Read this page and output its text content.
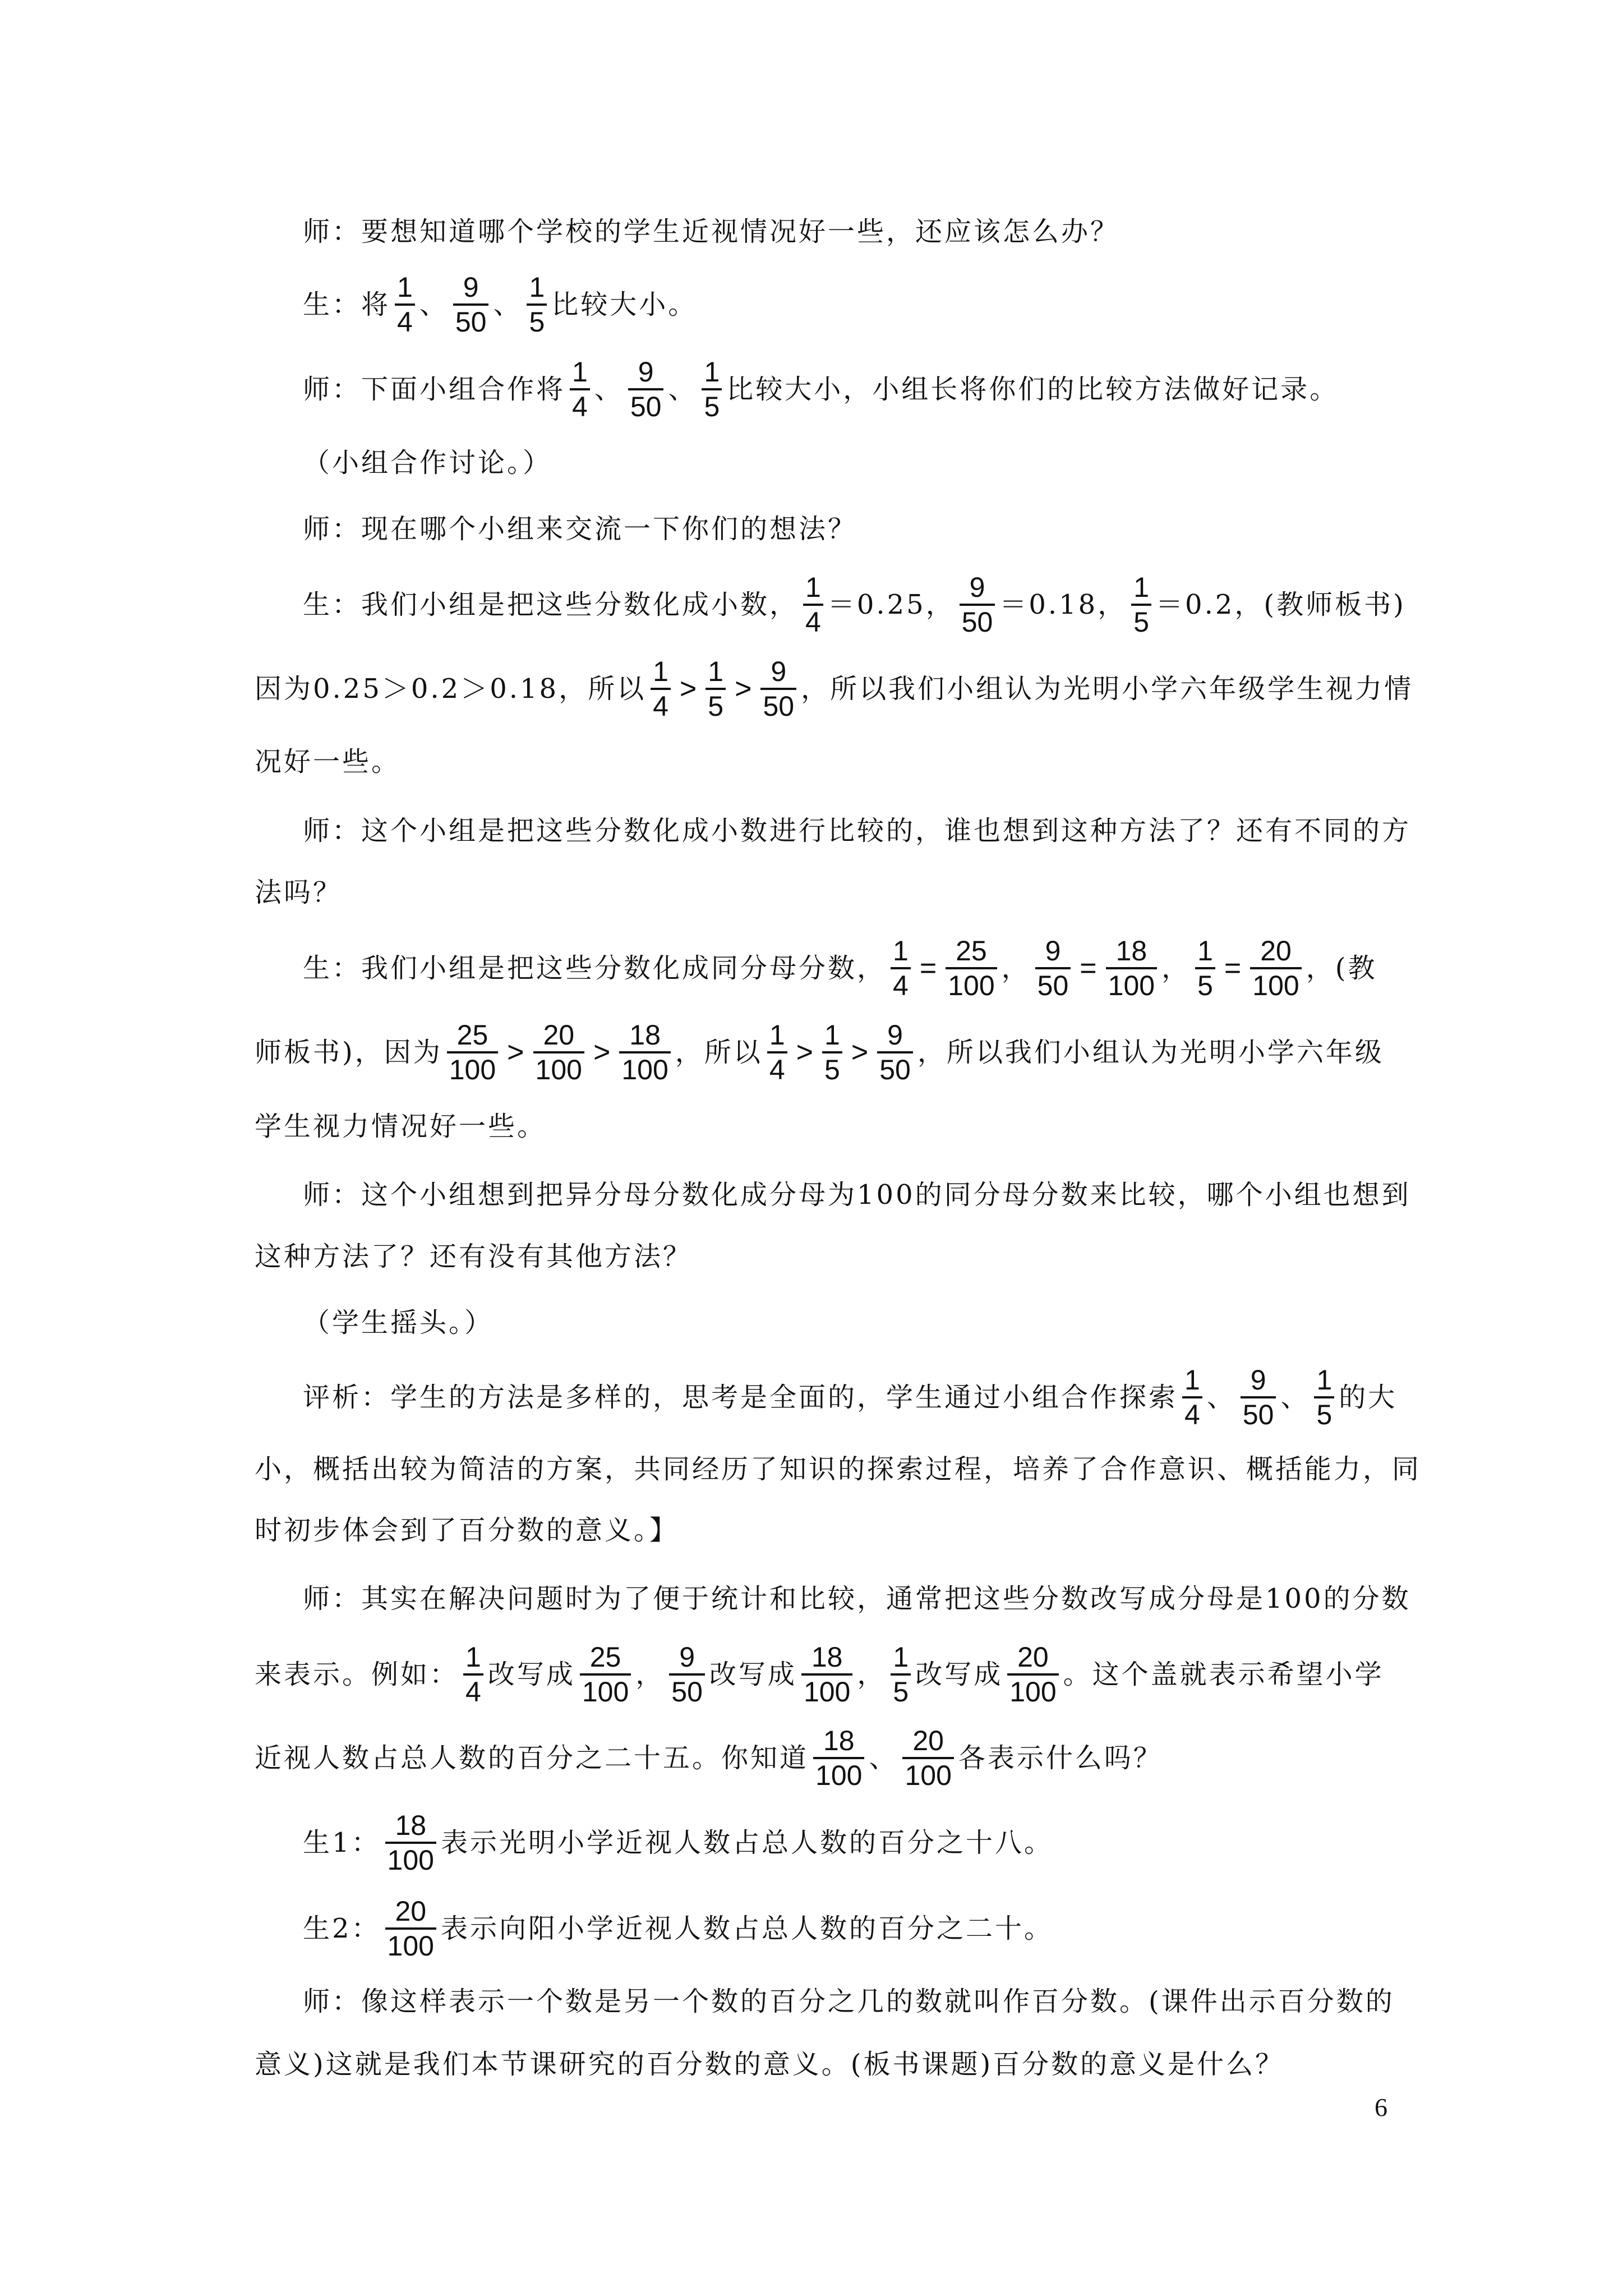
师：要想知道哪个学校的学生近视情况好一些，还应该怎么办？
生：将 $\frac{1}{4}$ 、 $\frac{9}{50}$ 、 $\frac{1}{5}$ 比较大小。
师：下面小组合作将 $\frac{1}{4}$ 、 $\frac{9}{50}$ 、 $\frac{1}{5}$ 比较大小，小组长将你们的比较方法做好记录。
（小组合作讨论。）
师：现在哪个小组来交流一下你们的想法？
生：我们小组是把这些分数化成小数， $\frac{1}{4} =0.25$， $\frac{9}{50} =0.18$， $\frac{1}{5} =0.2$，(教师板书)
因为0.25＞0.2＞0.18，所以 $\frac{1}{4} > \frac{1}{5} > \frac{9}{50}$ ，所以我们小组认为光明小学六年级学生视力情
况好一些。
师：这个小组是把这些分数化成小数进行比较的，谁也想到这种方法了？还有不同的方
法吗？
生：我们小组是把这些分数化成同分母分数， $\frac{1}{4} = \frac{25}{100}$ ， $\frac{9}{50} = \frac{18}{100}$ ， $\frac{1}{5} = \frac{20}{100}$ ，(教
师板书)，因为 $\frac{25}{100} > \frac{20}{100} > \frac{18}{100}$ ，所以 $\frac{1}{4} > \frac{1}{5} > \frac{9}{50}$ ，所以我们小组认为光明小学六年级
学生视力情况好一些。
师：这个小组想到把异分母分数化成分母为100的同分母分数来比较，哪个小组也想到
这种方法了？还有没有其他方法？
（学生摇头。）
评析：学生的方法是多样的，思考是全面的，学生通过小组合作探索 $\frac{1}{4}$ 、 $\frac{9}{50}$ 、 $\frac{1}{5}$ 的大
小，概括出较为简洁的方案，共同经历了知识的探索过程，培养了合作意识、概括能力，同
时初步体会到了百分数的意义。】
师：其实在解决问题时为了便于统计和比较，通常把这些分数改写成分母是100的分数
来表示。例如： $\frac{1}{4}$ 改写成 $\frac{25}{100}$ ， $\frac{9}{50}$ 改写成 $\frac{18}{100}$ ， $\frac{1}{5}$ 改写成 $\frac{20}{100}$ 。这个盖就表示希望小学
近视人数占总人数的百分之二十五。你知道 $\frac{18}{100}$ 、 $\frac{20}{100}$ 各表示什么吗？
生1： $\frac{18}{100}$ 表示光明小学近视人数占总人数的百分之十八。
生2： $\frac{20}{100}$ 表示向阳小学近视人数占总人数的百分之二十。
师：像这样表示一个数是另一个数的百分之几的数就叫作百分数。(课件出示百分数的
意义)这就是我们本节课研究的百分数的意义。(板书课题)百分数的意义是什么？
6
